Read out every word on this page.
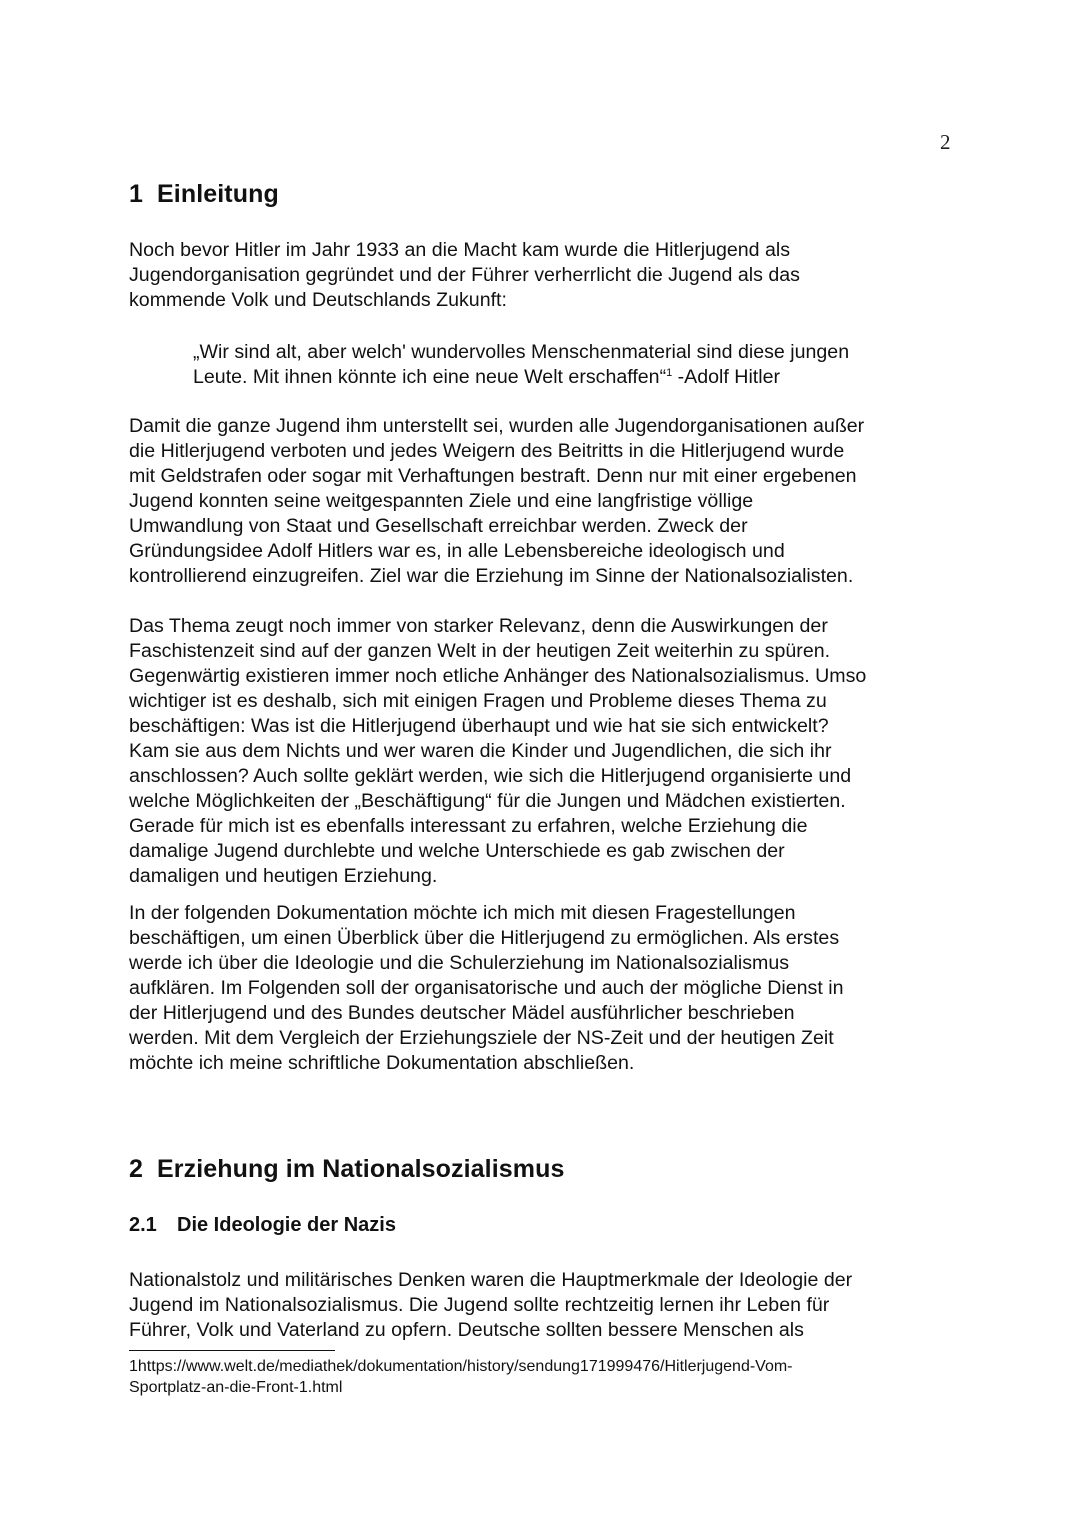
2
1 Einleitung
Noch bevor Hitler im Jahr 1933 an die Macht kam wurde die Hitlerjugend als
Jugendorganisation gegründet und der Führer verherrlicht die Jugend als das
kommende Volk und Deutschlands Zukunft:
„Wir sind alt, aber welch' wundervolles Menschenmaterial sind diese jungen
Leute. Mit ihnen könnte ich eine neue Welt erschaffen“$^1$ -Adolf Hitler
Damit die ganze Jugend ihm unterstellt sei, wurden alle Jugendorganisationen außer
die Hitlerjugend verboten und jedes Weigern des Beitritts in die Hitlerjugend wurde
mit Geldstrafen oder sogar mit Verhaftungen bestraft. Denn nur mit einer ergebenen
Jugend konnten seine weitgespannten Ziele und eine langfristige völlige
Umwandlung von Staat und Gesellschaft erreichbar werden. Zweck der
Gründungsidee Adolf Hitlers war es, in alle Lebensbereiche ideologisch und
kontrollierend einzugreifen. Ziel war die Erziehung im Sinne der Nationalsozialisten.
Das Thema zeugt noch immer von starker Relevanz, denn die Auswirkungen der
Faschistenzeit sind auf der ganzen Welt in der heutigen Zeit weiterhin zu spüren.
Gegenwärtig existieren immer noch etliche Anhänger des Nationalsozialismus. Umso
wichtiger ist es deshalb, sich mit einigen Fragen und Probleme dieses Thema zu
beschäftigen: Was ist die Hitlerjugend überhaupt und wie hat sie sich entwickelt?
Kam sie aus dem Nichts und wer waren die Kinder und Jugendlichen, die sich ihr
anschlossen? Auch sollte geklärt werden, wie sich die Hitlerjugend organisierte und
welche Möglichkeiten der „Beschäftigung“ für die Jungen und Mädchen existierten.
Gerade für mich ist es ebenfalls interessant zu erfahren, welche Erziehung die
damalige Jugend durchlebte und welche Unterschiede es gab zwischen der
damaligen und heutigen Erziehung.
In der folgenden Dokumentation möchte ich mich mit diesen Fragestellungen
beschäftigen, um einen Überblick über die Hitlerjugend zu ermöglichen. Als erstes
werde ich über die Ideologie und die Schulerziehung im Nationalsozialismus
aufklären. Im Folgenden soll der organisatorische und auch der mögliche Dienst in
der Hitlerjugend und des Bundes deutscher Mädel ausführlicher beschrieben
werden. Mit dem Vergleich der Erziehungsziele der NS-Zeit und der heutigen Zeit
möchte ich meine schriftliche Dokumentation abschließen.
2 Erziehung im Nationalsozialismus
2.1 Die Ideologie der Nazis
Nationalstolz und militärisches Denken waren die Hauptmerkmale der Ideologie der
Jugend im Nationalsozialismus. Die Jugend sollte rechtzeitig lernen ihr Leben für
Führer, Volk und Vaterland zu opfern. Deutsche sollten bessere Menschen als
1https://www.welt.de/mediathek/dokumentation/history/sendung171999476/Hitlerjugend-Vom-
Sportplatz-an-die-Front-1.html
